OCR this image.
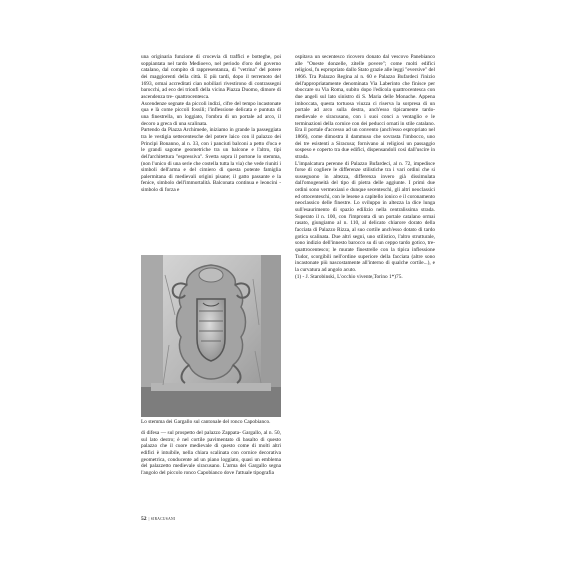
una originaria funzione di crocevia di traffici e botteghe, poi soppiantata nel tardo Medioevo, nel periodo d'oro del governo catalano, dal compito di rappresentanza, di "vetrina" del potere dei maggiorenti della città. E più tardi, dopo il terremoto del 1693, ormai accreditati cian nobiliari rivestirono di contrassegni barocchi, ad eco dei trionfi della vicina Piazza Duomo, dimore di ascendenza tre- quattrocentesca.

Ascendenze segnate da piccoli indizi, cifre del tempo incastonate qua e là come piccoli fossili; l'inflessione delicata e puntuta di una finestrella, un loggiato, l'ombra di un portale ad arco, il decoro a greca di una scalinata.

Partendo da Piazza Archimede, iniziamo in grande la passeggiata tra le vestigia settecentesche del potere laico con il palazzo dei Principi Bonanno, al n. 33, con i panciuti balconi a petto d'oca e le grandi sagome geometriche tra un balcone e l'altro, tipi dell'architettura "espressiva". Svetta sopra il portone lo stemma, (non l'unico di una serie che costella tutta la via) che vede riuniti i simboli dell'arma e del cimiero di questa potente famiglia palermitana di medievali origini pisane; il gatto passante e la fenice, simbolo dell'immortalità. Balconata continua e leoncini - simbolo di forza e

Lo stemma dei Gargallo sul cantonale del ronco Capobianco.

di difesa — sul prospetto del palazzo Zappata- Gargallo, al n. 50, sul lato destro; è nel cortile pavimentato di basalto di questo palazzo che il cuore medievale di questo come di molti altri edifici è intuibile, nella chiara scalinata con cornice decorativa geometrica, conducente ad un piano loggiato, quasi un emblema del palazzetto medievale siracusano. L'arma dei Gargallo segna l'angolo del piccolo ronco Capobianco dove l'attuale tipografia

ospitava un secentesco ricovero donato dal vescovo Panebianco alle "Oneste donzelle, zitelle povere"; come molti edifici religiosi, fu espropriato dallo Stato grazie alle leggi "eversive" del 1866. Tra Palazzo Regina al n. 60 e Palazzo Bufardeci l'inizio dell'appropriatamente denominata Via Laberinto che finisce per sboccare su Via Roma, subito dopo l'edicola quattrocentesca con due angeli sul lato sinistro di S. Maria delle Monache. Appena imboccata, questa tortuosa viuzza ci riserva la sorpresa di un portale ad arco sulla destra, anch'esso tipicamente tardo-medievale e siracusano, con i suoi conci a ventaglio e le terminazioni della cornice con dei peducci ornati in stile catalano. Era il portale d'accesso ad un convento (anch'esso espropriato nel 1866), come dimostra il dammuso che sovrasta l'imbocco, uno dei tre esistenti a Siracusa; fornivano ai religiosi un passaggio sospeso e coperto tra due edifici, dispensandoli così dall'uscire in strada.

L'impalcatura perenne di Palazzo Bufardeci, al n. 72, impedisce forse di cogliere le differenze stilistiche tra i vari ordini che si susseguono in altezza, differenza invero già dissimulata dall'omogeneità del tipo di pietra delle aggiunte. I primi due ordini sono vermexiani e dunque secenteschi, gli altri neoclassici ed ottocenteschi, con le lesene a capitello ionico e il coronamento neoclassico delle finestre. Lo sviluppo in altezza la dice lunga sull'esaurimento di spazio edilizio nella centralissima strada. Superato il n. 100, con l'impronta di un portale catalano ormai rasato, giungiamo al n. 110, al delicato chiarore dorato della facciata di Palazzo Rizza, al suo cortile anch'esso dotato di tardo gotica scalinata. Due altri segni, uno stilistico, l'altro strutturale, sono indizio dell'innesto barocco su di un ceppo tardo gotico, tre- quattrocentesco; le murate finestrelle con la tipica inflessione Tudor, scorgibili nell'ordine superiore della facciata (altre sono incastonate più nascostamente all'interno di qualche cortile...), e la curvatura ad angolo acuto.

(1) - J. Starobinski, L'occhio vivente,Torino 1*)75.

52 | SIRACUSANI
